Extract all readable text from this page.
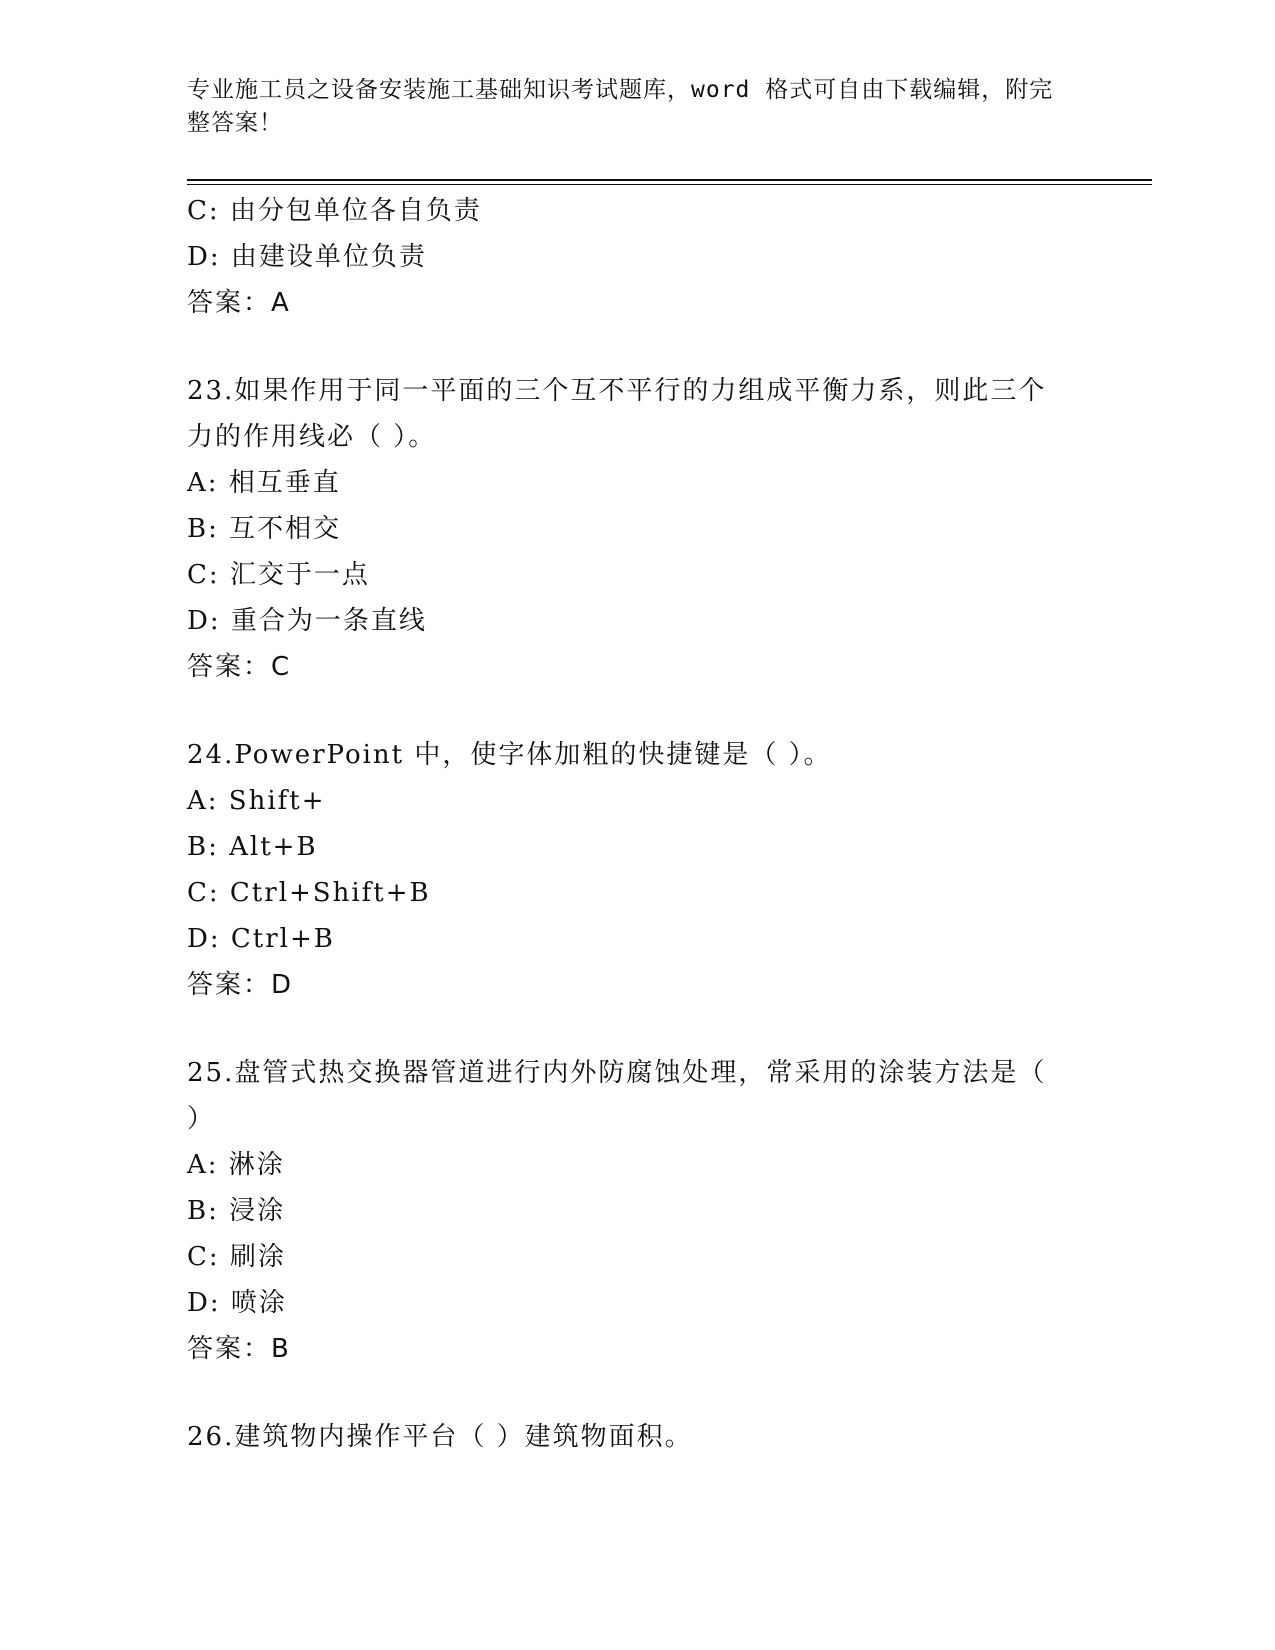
专业施工员之设备安装施工基础知识考试题库，word 格式可自由下载编辑，附完
整答案！
C: 由分包单位各自负责
D: 由建设单位负责
答案：A
23.如果作用于同一平面的三个互不平行的力组成平衡力系，则此三个
力的作用线必（ ）。
A: 相互垂直
B: 互不相交
C: 汇交于一点
D: 重合为一条直线
答案：C
24.PowerPoint 中，使字体加粗的快捷键是（ ）。
A: Shift+
B: Alt+B
C: Ctrl+Shift+B
D: Ctrl+B
答案：D
25.盘管式热交换器管道进行内外防腐蚀处理，常采用的涂装方法是（
）
A: 淋涂
B: 浸涂
C: 刷涂
D: 喷涂
答案：B
26.建筑物内操作平台（ ）建筑物面积。
